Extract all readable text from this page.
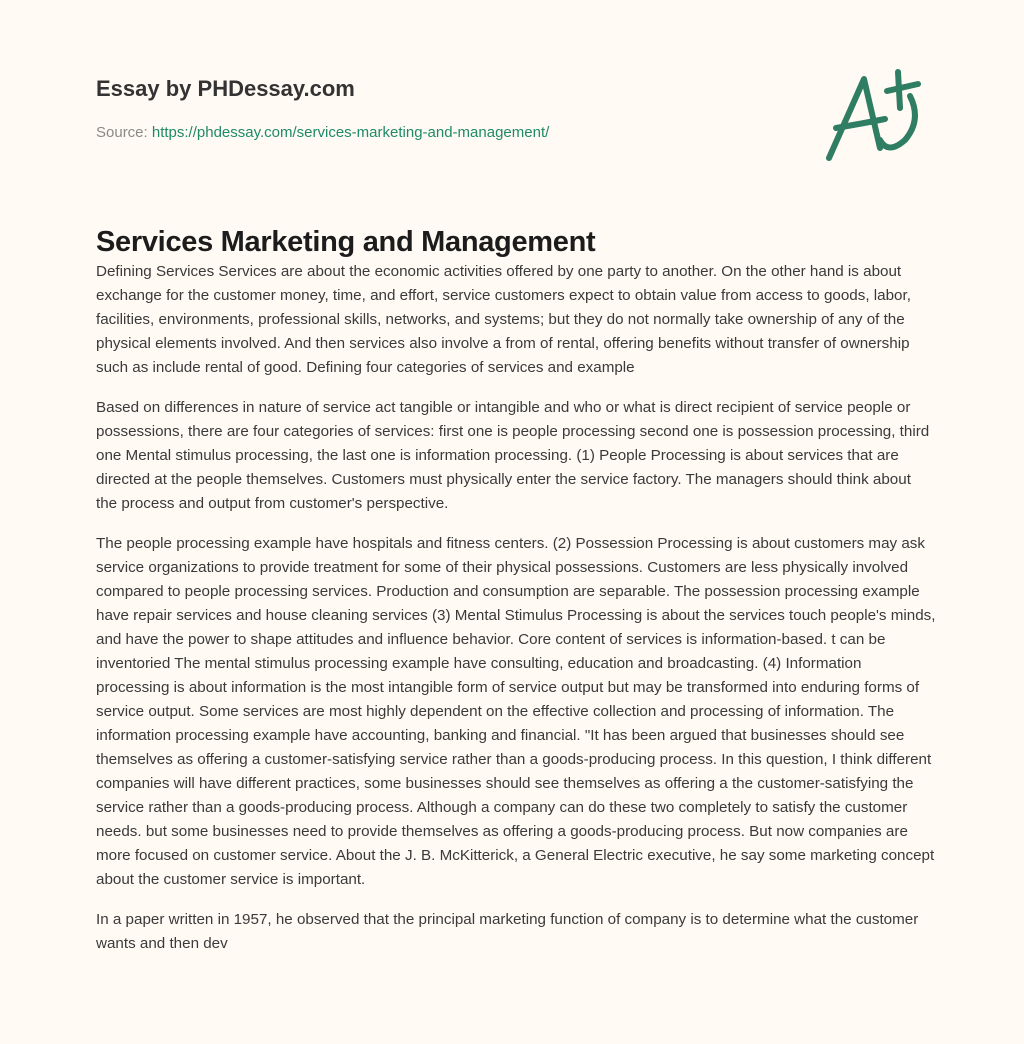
Essay by PHDessay.com
Source: https://phdessay.com/services-marketing-and-management/
Services Marketing and Management

Defining Services Services are about the economic activities offered by one party to another. On the other hand is about exchange for the customer money, time, and effort, service customers expect to obtain value from access to goods, labor, facilities, environments, professional skills, networks, and systems; but they do not normally take ownership of any of the physical elements involved. And then services also involve a from of rental, offering benefits without transfer of ownership such as include rental of good. Defining four categories of services and example

Based on differences in nature of service act tangible or intangible and who or what is direct recipient of service people or possessions, there are four categories of services: first one is people processing second one is possession processing, third one Mental stimulus processing, the last one is information processing. (1) People Processing is about services that are directed at the people themselves. Customers must physically enter the service factory. The managers should think about the process and output from customer's perspective.

The people processing example have hospitals and fitness centers. (2) Possession Processing is about customers may ask service organizations to provide treatment for some of their physical possessions. Customers are less physically involved compared to people processing services. Production and consumption are separable. The possession processing example have repair services and house cleaning services (3) Mental Stimulus Processing is about the services touch people's minds, and have the power to shape attitudes and influence behavior. Core content of services is information-based. t can be inventoried The mental stimulus processing example have consulting, education and broadcasting. (4) Information processing is about information is the most intangible form of service output but may be transformed into enduring forms of service output. Some services are most highly dependent on the effective collection and processing of information. The information processing example have accounting, banking and financial. "It has been argued that businesses should see themselves as offering a customer-satisfying service rather than a goods-producing process. In this question, I think different companies will have different practices, some businesses should see themselves as offering a the customer-satisfying the service rather than a goods-producing process. Although a company can do these two completely to satisfy the customer needs. but some businesses need to provide themselves as offering a goods-producing process. But now companies are more focused on customer service. About the J. B. McKitterick, a General Electric executive, he say some marketing concept about the customer service is important.

In a paper written in 1957, he observed that the principal marketing function of company is to determine what the customer wants and then dev
